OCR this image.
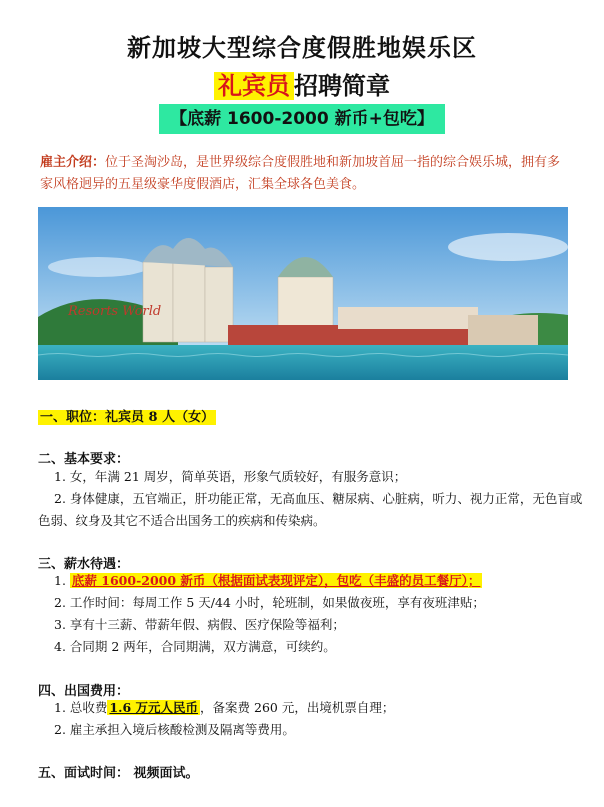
新加坡大型综合度假胜地娱乐区
礼宾员 招聘简章
【底薪 1600-2000 新币+包吃】
雇主介绍：位于圣淘沙岛，是世界级综合度假胜地和新加坡首屈一指的综合娱乐城，拥有多家风格迥异的五星级豪华度假酒店，汇集全球各色美食。
Resorts World
一、职位：礼宾员 8 人（女）
二、基本要求：
1. 女，年满 21 周岁，简单英语，形象气质较好，有服务意识；
2. 身体健康，五官端正，肝功能正常，无高血压、糖尿病、心脏病，听力、视力正常，无色盲或
色弱、纹身及其它不适合出国务工的疾病和传染病。
三、薪水待遇：
1. 底薪 1600-2000 新币（根据面试表现评定），包吃（丰盛的员工餐厅）；
2. 工作时间：每周工作 5 天/44 小时，轮班制，如果做夜班，享有夜班津贴；
3. 享有十三薪、带薪年假、病假、医疗保险等福利；
4. 合同期 2 两年，合同期满，双方满意，可续约。
四、出国费用：
1. 总收费 1.6 万元人民币 ，备案费 260 元，出境机票自理；
2. 雇主承担入境后核酸检测及隔离等费用。
五、面试时间： 视频面试。
